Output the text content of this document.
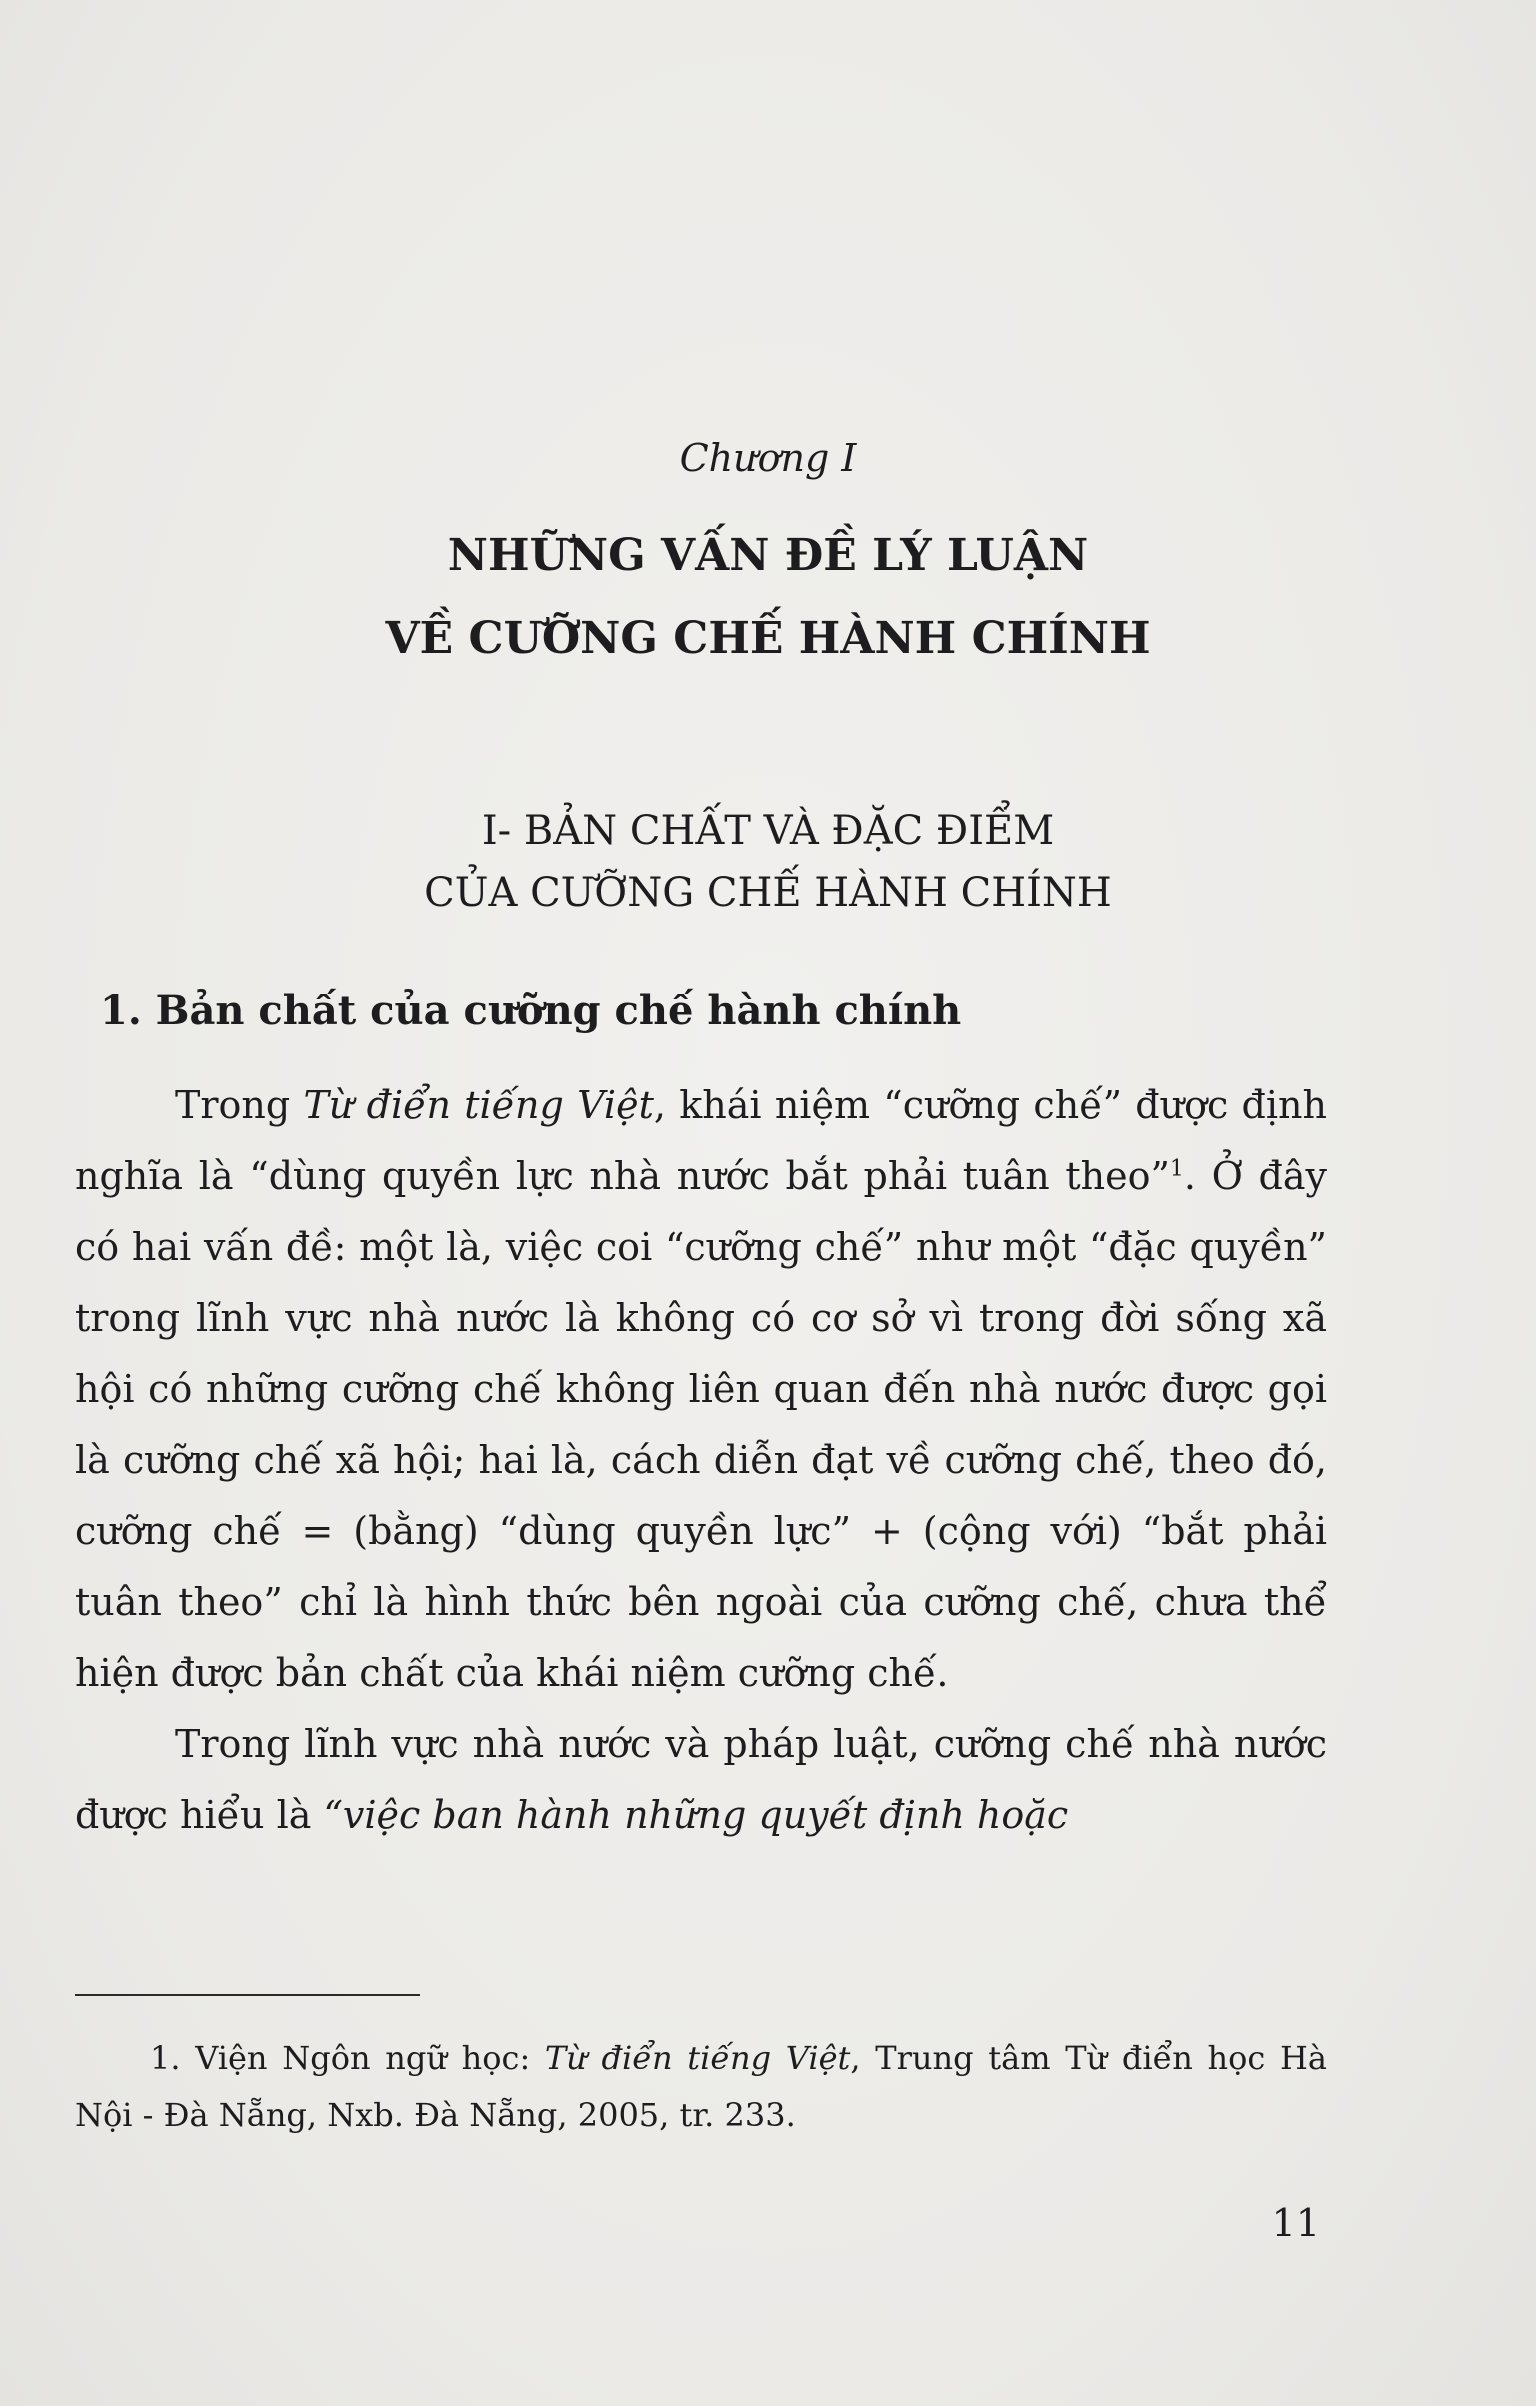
Chương I
NHỮNG VẤN ĐỀ LÝ LUẬN
VỀ CƯỠNG CHẾ HÀNH CHÍNH
I- BẢN CHẤT VÀ ĐẶC ĐIỂM
CỦA CƯỠNG CHẾ HÀNH CHÍNH
1. Bản chất của cưỡng chế hành chính

Trong Từ điển tiếng Việt, khái niệm “cưỡng chế” được định nghĩa là “dùng quyền lực nhà nước bắt phải tuân theo”$^1$. Ở đây có hai vấn đề: một là, việc coi “cưỡng chế” như một “đặc quyền” trong lĩnh vực nhà nước là không có cơ sở vì trong đời sống xã hội có những cưỡng chế không liên quan đến nhà nước được gọi là cưỡng chế xã hội; hai là, cách diễn đạt về cưỡng chế, theo đó, cưỡng chế = (bằng) “dùng quyền lực” + (cộng với) “bắt phải tuân theo” chỉ là hình thức bên ngoài của cưỡng chế, chưa thể hiện được bản chất của khái niệm cưỡng chế.

Trong lĩnh vực nhà nước và pháp luật, cưỡng chế nhà nước được hiểu là “việc ban hành những quyết định hoặc

1. Viện Ngôn ngữ học: Từ điển tiếng Việt, Trung tâm Từ điển học Hà Nội - Đà Nẵng, Nxb. Đà Nẵng, 2005, tr. 233.

11
